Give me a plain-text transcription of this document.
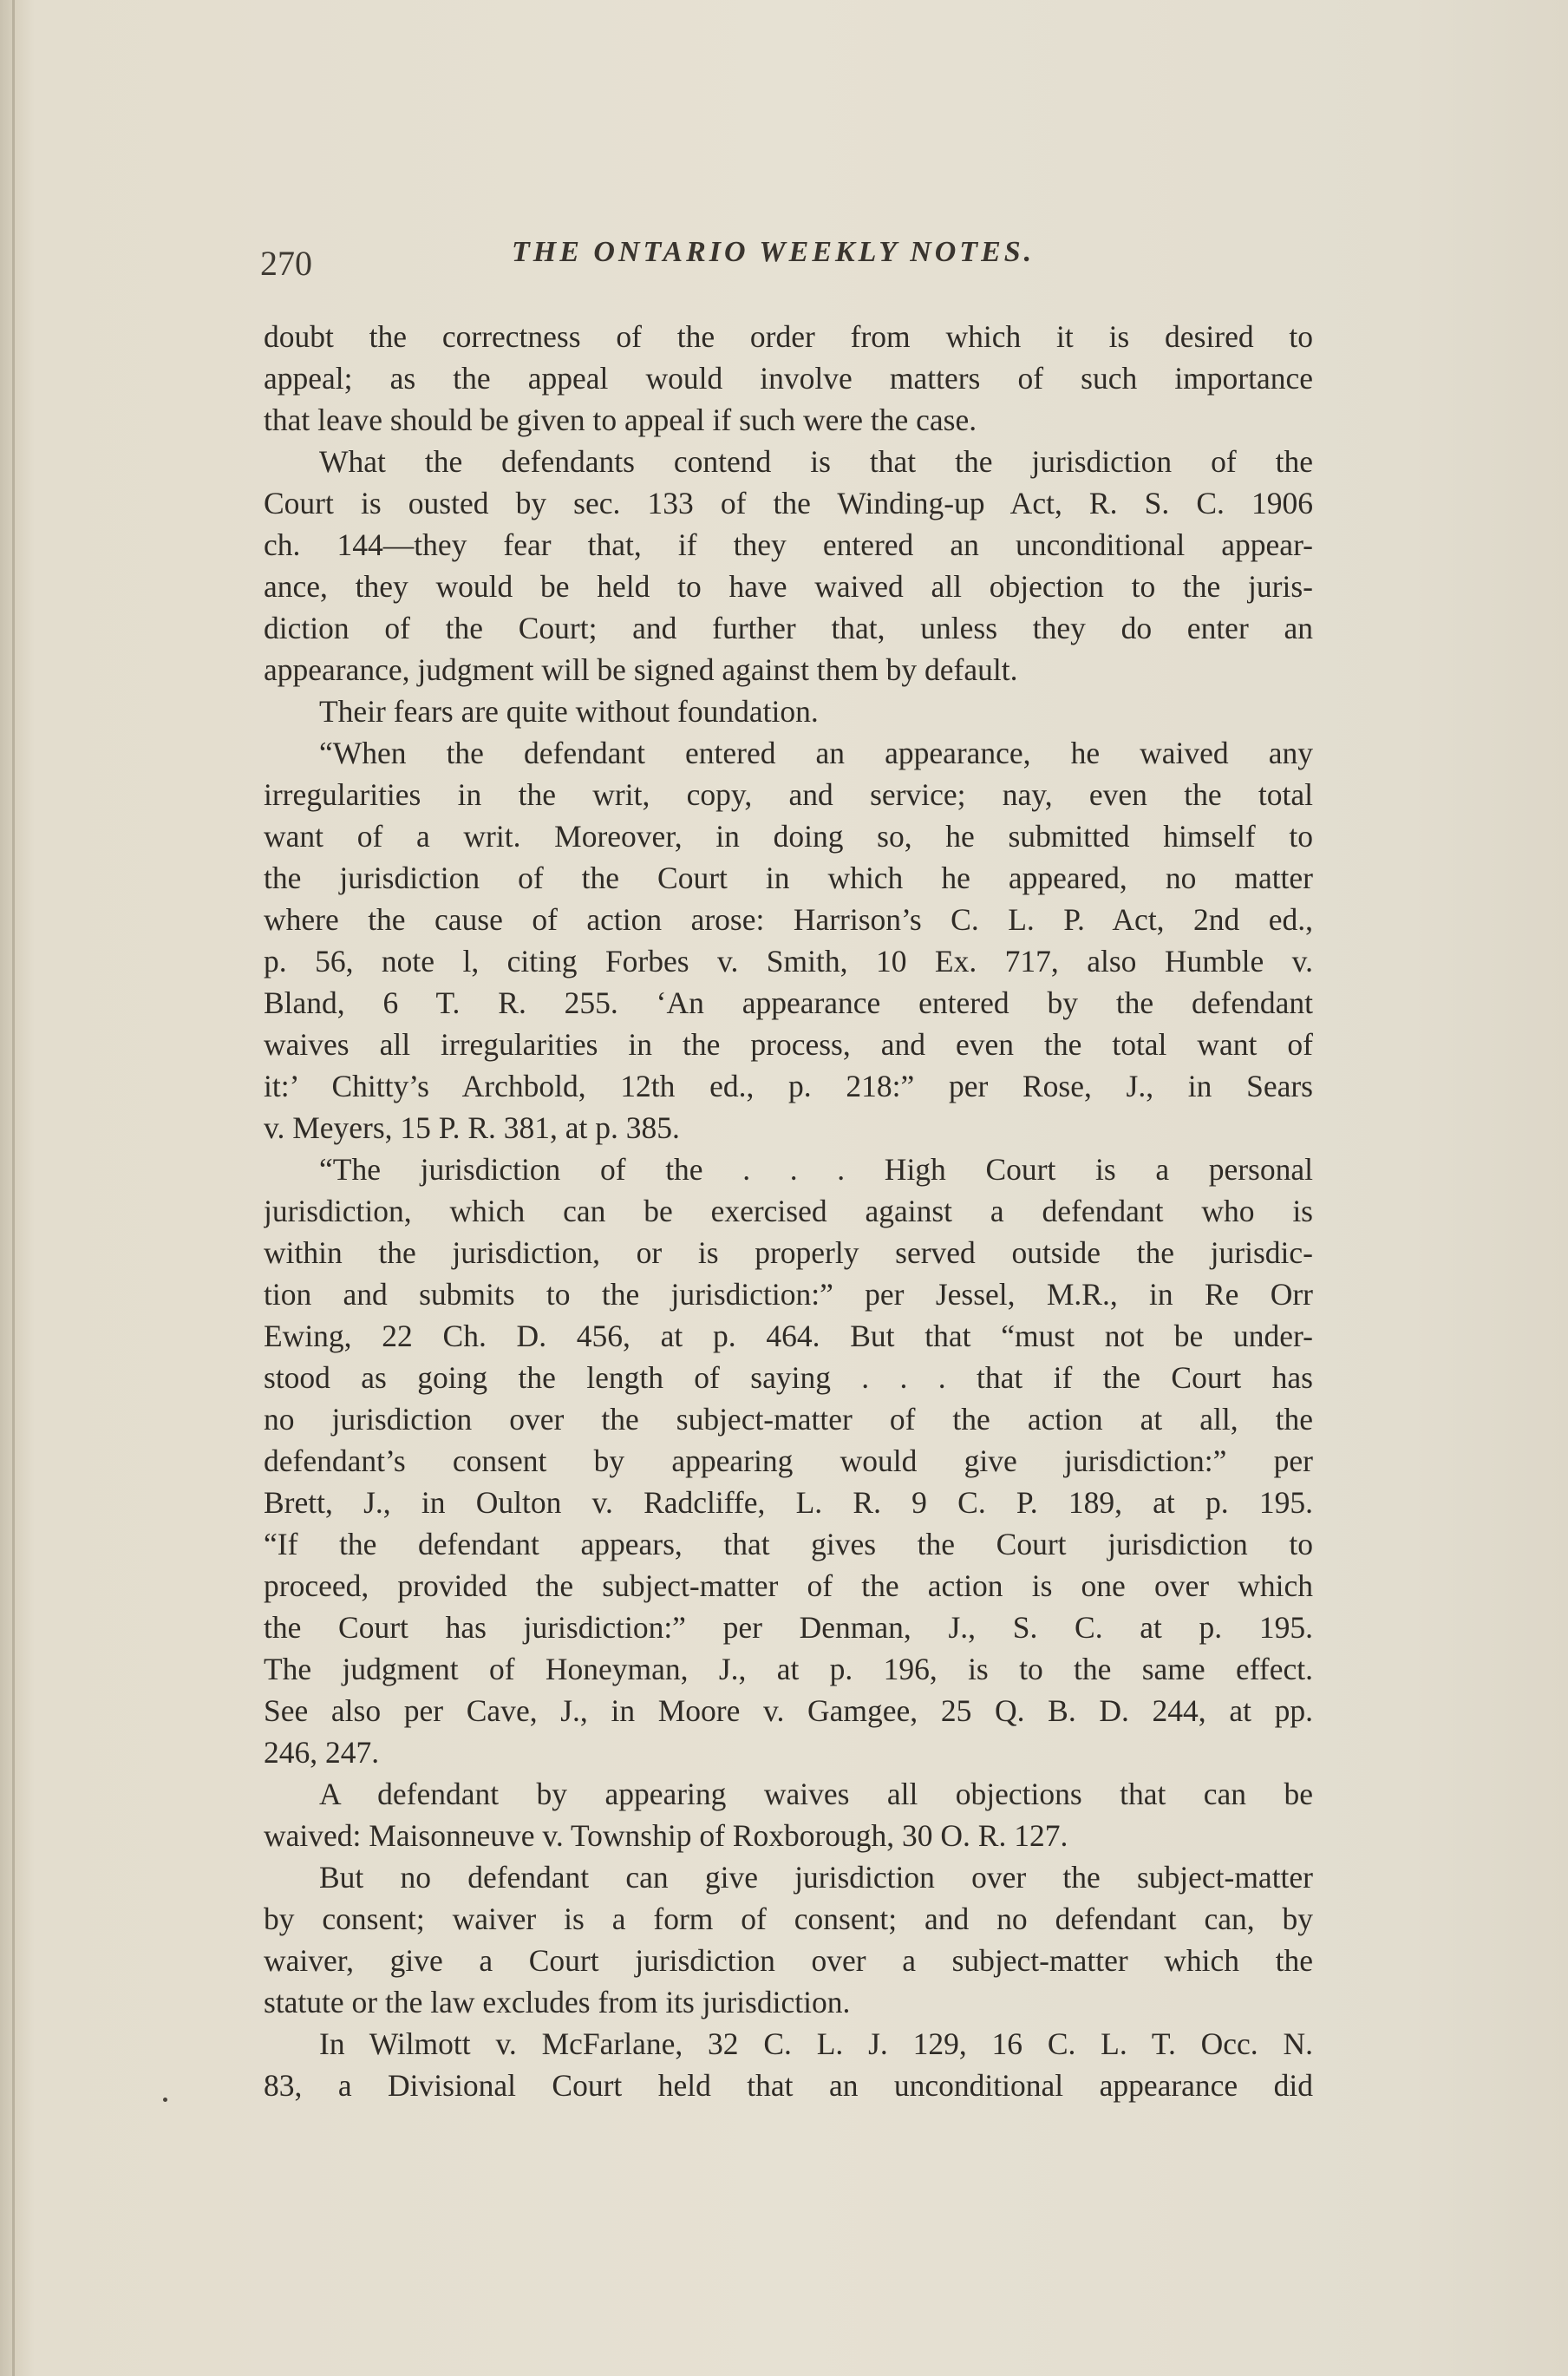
270	THE ONTARIO WEEKLY NOTES.
doubt the correctness of the order from which it is desired to
appeal; as the appeal would involve matters of such importance
that leave should be given to appeal if such were the case.
What the defendants contend is that the jurisdiction of the
Court is ousted by sec. 133 of the Winding-up Act, R. S. C. 1906
ch. 144—they fear that, if they entered an unconditional appear-
ance, they would be held to have waived all objection to the juris-
diction of the Court; and further that, unless they do enter an
appearance, judgment will be signed against them by default.
Their fears are quite without foundation.
“When the defendant entered an appearance, he waived any
irregularities in the writ, copy, and service; nay, even the total
want of a writ. Moreover, in doing so, he submitted himself to
the jurisdiction of the Court in which he appeared, no matter
where the cause of action arose: Harrison’s C. L. P. Act, 2nd ed.,
p. 56, note l, citing Forbes v. Smith, 10 Ex. 717, also Humble v.
Bland, 6 T. R. 255. ‘An appearance entered by the defendant
waives all irregularities in the process, and even the total want of
it:’ Chitty’s Archbold, 12th ed., p. 218:” per Rose, J., in Sears
v. Meyers, 15 P. R. 381, at p. 385.
“The jurisdiction of the . . . High Court is a personal
jurisdiction, which can be exercised against a defendant who is
within the jurisdiction, or is properly served outside the jurisdic-
tion and submits to the jurisdiction:” per Jessel, M.R., in Re Orr
Ewing, 22 Ch. D. 456, at p. 464. But that “must not be under-
stood as going the length of saying . . . that if the Court has
no jurisdiction over the subject-matter of the action at all, the
defendant’s consent by appearing would give jurisdiction:” per
Brett, J., in Oulton v. Radcliffe, L. R. 9 C. P. 189, at p. 195.
“If the defendant appears, that gives the Court jurisdiction to
proceed, provided the subject-matter of the action is one over which
the Court has jurisdiction:” per Denman, J., S. C. at p. 195.
The judgment of Honeyman, J., at p. 196, is to the same effect.
See also per Cave, J., in Moore v. Gamgee, 25 Q. B. D. 244, at pp.
246, 247.
A defendant by appearing waives all objections that can be
waived: Maisonneuve v. Township of Roxborough, 30 O. R. 127.
But no defendant can give jurisdiction over the subject-matter
by consent; waiver is a form of consent; and no defendant can, by
waiver, give a Court jurisdiction over a subject-matter which the
statute or the law excludes from its jurisdiction.
In Wilmott v. McFarlane, 32 C. L. J. 129, 16 C. L. T. Occ. N.
83, a Divisional Court held that an unconditional appearance did
